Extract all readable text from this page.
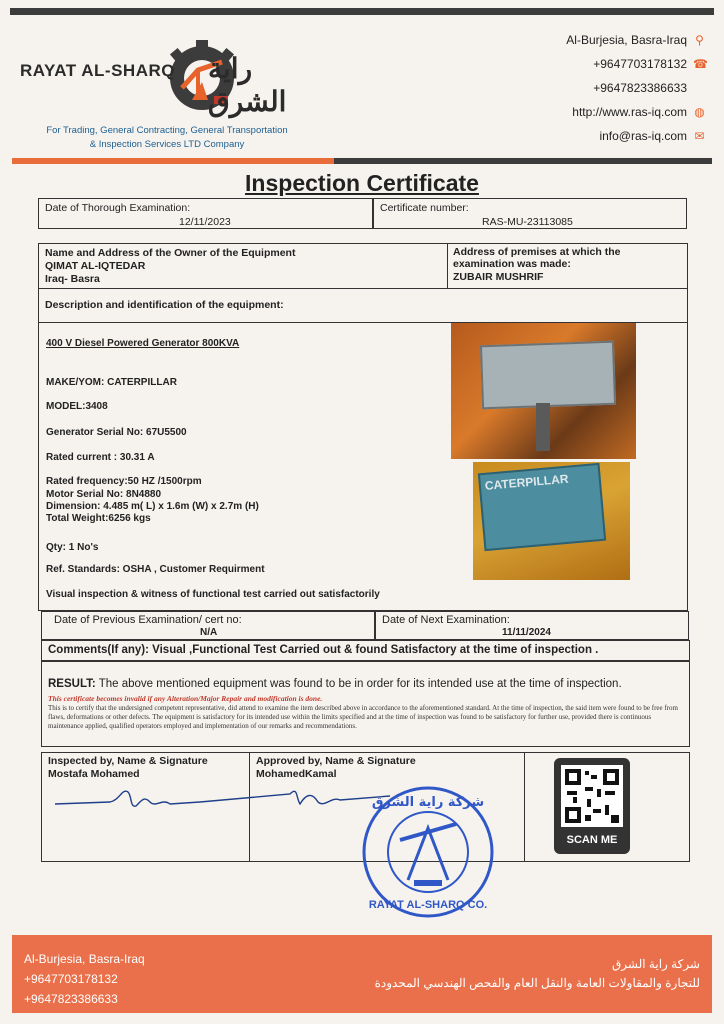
RAYAT AL-SHARQ راية الشرق
For Trading, General Contracting, General Transportation
& Inspection Services LTD Company
Al-Burjesia, Basra-Iraq ⚲
+9647703178132 ☎
+9647823386633
http://www.ras-iq.com ◍
info@ras-iq.com ✉
Inspection Certificate
Date of Thorough Examination:
12/11/2023
Certificate number:
RAS-MU-23113085
Name and Address of the Owner of the Equipment
QIMAT AL-IQTEDAR
Iraq- Basra
Address of premises at which the
examination was made:
ZUBAIR MUSHRIF
Description and identification of the equipment:
400 V Diesel Powered Generator 800KVA
MAKE/YOM: CATERPILLAR
MODEL:3408
Generator Serial No: 67U5500
Rated current : 30.31 A
Rated frequency:50 HZ /1500rpm
Motor Serial No: 8N4880
Dimension: 4.485 m( L) x 1.6m (W) x 2.7m (H)
Total Weight:6256 kgs
Qty: 1 No's
Ref. Standards: OSHA , Customer Requirment
Visual inspection & witness of functional test carried out satisfactorily
CATERPILLAR
Date of Previous Examination/ cert no:
N/A
Date of Next Examination:
11/11/2024
Comments(If any): Visual ,Functional Test Carried out & found Satisfactory at the time of inspection .
RESULT: The above mentioned equipment was found to be in order for its intended use at the time of inspection.
This certificate becomes invalid if any Alteration/Major Repair and modification is done.
This is to certify that the undersigned competent representative, did attend to examine the item described above in accordance to the aforementioned standard. At the time of inspection, the said item were found to be free from flaws, deformations or other defects. The equipment is satisfactory for its intended use within the limits specified and at the time of inspection was found to be satisfactory for further use, provided there is continuous maintenance applied, qualified operators employed and implementation of our remarks and recommendations.
Inspected by, Name & Signature
Mostafa Mohamed
Approved by, Name & Signature
MohamedKamal
شركة راية الشرق
RAYAT AL-SHARQ CO.
SCAN ME
Al-Burjesia, Basra-Iraq
+9647703178132
+9647823386633
شركة راية الشرق
للتجارة والمقاولات العامة والنقل العام والفحص الهندسي المحدودة
